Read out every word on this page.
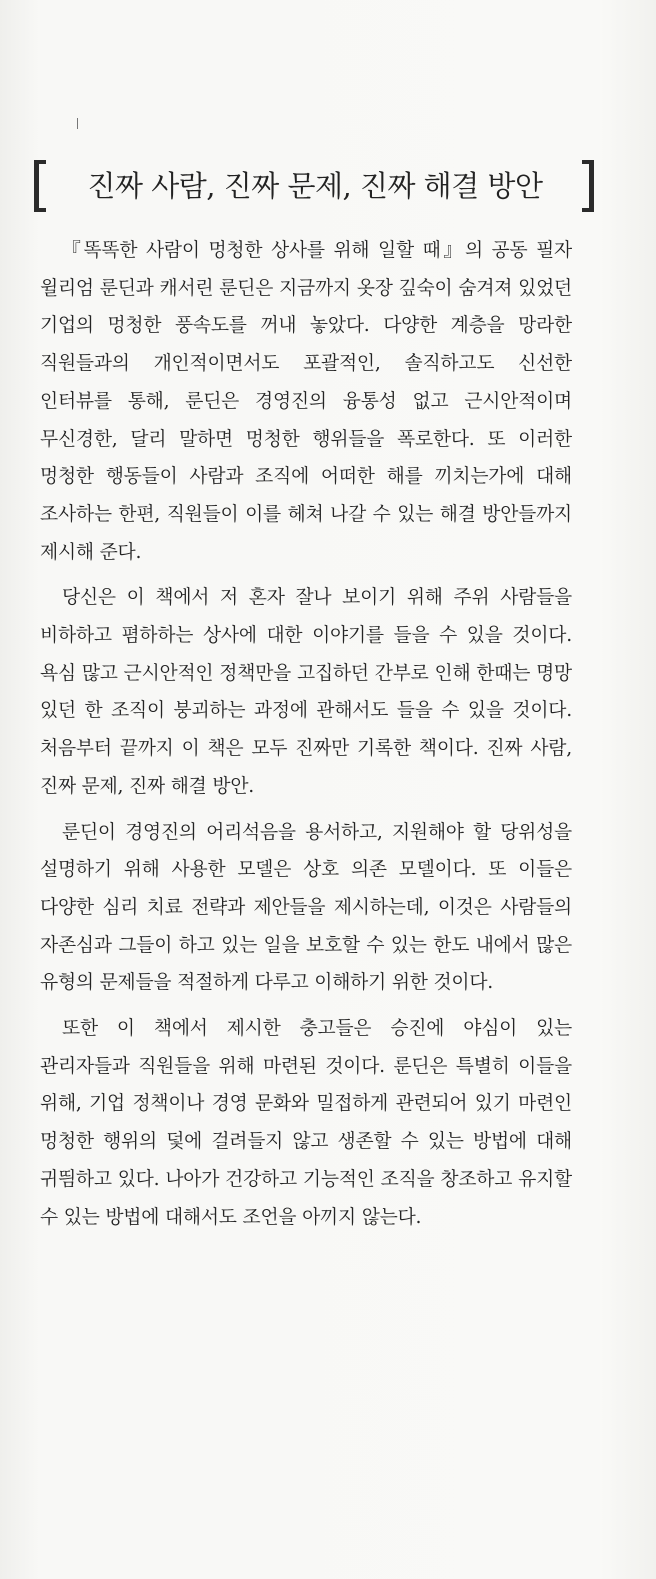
진짜 사람, 진짜 문제, 진짜 해결 방안

『똑똑한 사람이 멍청한 상사를 위해 일할 때』의 공동 필자 윌리엄 룬딘과 캐서린 룬딘은 지금까지 옷장 깊숙이 숨겨져 있었던 기업의 멍청한 풍속도를 꺼내 놓았다. 다양한 계층을 망라한 직원들과의 개인적이면서도 포괄적인, 솔직하고도 신선한 인터뷰를 통해, 룬딘은 경영진의 융통성 없고 근시안적이며 무신경한, 달리 말하면 멍청한 행위들을 폭로한다. 또 이러한 멍청한 행동들이 사람과 조직에 어떠한 해를 끼치는가에 대해 조사하는 한편, 직원들이 이를 헤쳐 나갈 수 있는 해결 방안들까지 제시해 준다.

당신은 이 책에서 저 혼자 잘나 보이기 위해 주위 사람들을 비하하고 폄하하는 상사에 대한 이야기를 들을 수 있을 것이다. 욕심 많고 근시안적인 정책만을 고집하던 간부로 인해 한때는 명망 있던 한 조직이 붕괴하는 과정에 관해서도 들을 수 있을 것이다. 처음부터 끝까지 이 책은 모두 진짜만 기록한 책이다. 진짜 사람, 진짜 문제, 진짜 해결 방안.

룬딘이 경영진의 어리석음을 용서하고, 지원해야 할 당위성을 설명하기 위해 사용한 모델은 상호 의존 모델이다. 또 이들은 다양한 심리 치료 전략과 제안들을 제시하는데, 이것은 사람들의 자존심과 그들이 하고 있는 일을 보호할 수 있는 한도 내에서 많은 유형의 문제들을 적절하게 다루고 이해하기 위한 것이다.

또한 이 책에서 제시한 충고들은 승진에 야심이 있는 관리자들과 직원들을 위해 마련된 것이다. 룬딘은 특별히 이들을 위해, 기업 정책이나 경영 문화와 밀접하게 관련되어 있기 마련인 멍청한 행위의 덫에 걸려들지 않고 생존할 수 있는 방법에 대해 귀띔하고 있다. 나아가 건강하고 기능적인 조직을 창조하고 유지할 수 있는 방법에 대해서도 조언을 아끼지 않는다.
